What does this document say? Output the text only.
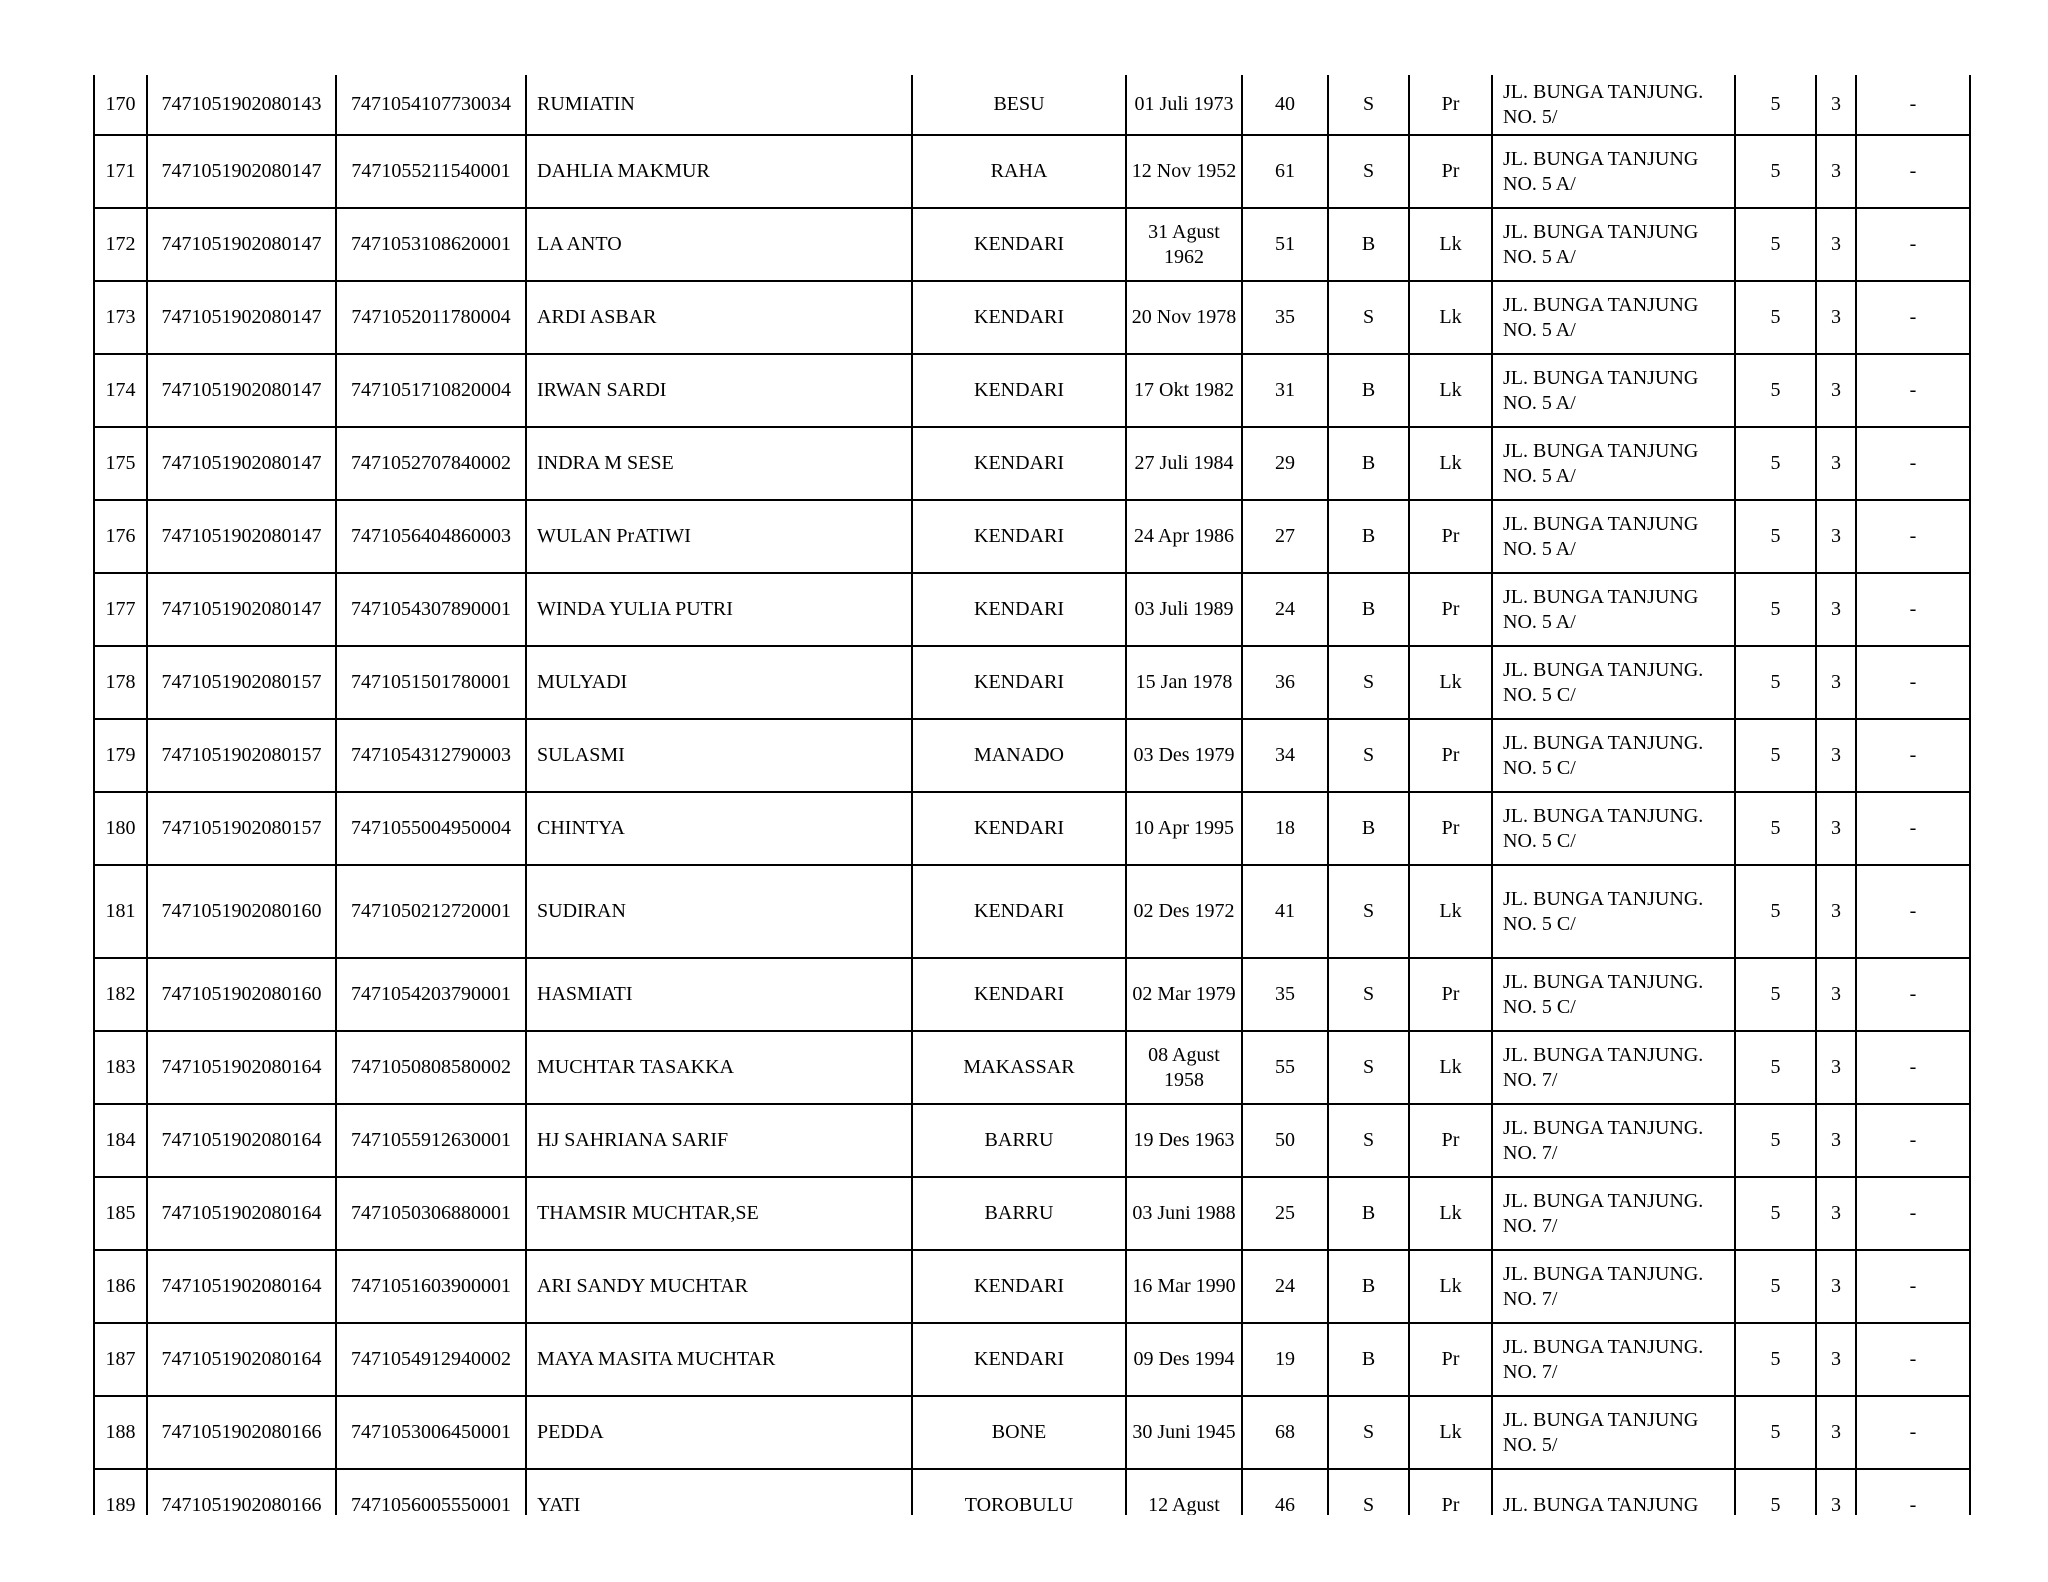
170	7471051902080143	7471054107730034	RUMIATIN	BESU	01 Juli 1973	40	S	Pr	JL. BUNGA TANJUNG. NO. 5/	5	3	-
171	7471051902080147	7471055211540001	DAHLIA MAKMUR	RAHA	12 Nov 1952	61	S	Pr	JL. BUNGA TANJUNG NO. 5 A/	5	3	-
172	7471051902080147	7471053108620001	LA ANTO	KENDARI	31 Agust 1962	51	B	Lk	JL. BUNGA TANJUNG NO. 5 A/	5	3	-
173	7471051902080147	7471052011780004	ARDI ASBAR	KENDARI	20 Nov 1978	35	S	Lk	JL. BUNGA TANJUNG NO. 5 A/	5	3	-
174	7471051902080147	7471051710820004	IRWAN SARDI	KENDARI	17 Okt 1982	31	B	Lk	JL. BUNGA TANJUNG NO. 5 A/	5	3	-
175	7471051902080147	7471052707840002	INDRA M SESE	KENDARI	27 Juli 1984	29	B	Lk	JL. BUNGA TANJUNG NO. 5 A/	5	3	-
176	7471051902080147	7471056404860003	WULAN PrATIWI	KENDARI	24 Apr 1986	27	B	Pr	JL. BUNGA TANJUNG NO. 5 A/	5	3	-
177	7471051902080147	7471054307890001	WINDA YULIA PUTRI	KENDARI	03 Juli 1989	24	B	Pr	JL. BUNGA TANJUNG NO. 5 A/	5	3	-
178	7471051902080157	7471051501780001	MULYADI	KENDARI	15 Jan 1978	36	S	Lk	JL. BUNGA TANJUNG. NO. 5 C/	5	3	-
179	7471051902080157	7471054312790003	SULASMI	MANADO	03 Des 1979	34	S	Pr	JL. BUNGA TANJUNG. NO. 5 C/	5	3	-
180	7471051902080157	7471055004950004	CHINTYA	KENDARI	10 Apr 1995	18	B	Pr	JL. BUNGA TANJUNG. NO. 5 C/	5	3	-
181	7471051902080160	7471050212720001	SUDIRAN	KENDARI	02 Des 1972	41	S	Lk	JL. BUNGA TANJUNG. NO. 5 C/	5	3	-
182	7471051902080160	7471054203790001	HASMIATI	KENDARI	02 Mar 1979	35	S	Pr	JL. BUNGA TANJUNG. NO. 5 C/	5	3	-
183	7471051902080164	7471050808580002	MUCHTAR TASAKKA	MAKASSAR	08 Agust 1958	55	S	Lk	JL. BUNGA TANJUNG. NO. 7/	5	3	-
184	7471051902080164	7471055912630001	HJ SAHRIANA SARIF	BARRU	19 Des 1963	50	S	Pr	JL. BUNGA TANJUNG. NO. 7/	5	3	-
185	7471051902080164	7471050306880001	THAMSIR MUCHTAR,SE	BARRU	03 Juni 1988	25	B	Lk	JL. BUNGA TANJUNG. NO. 7/	5	3	-
186	7471051902080164	7471051603900001	ARI SANDY MUCHTAR	KENDARI	16 Mar 1990	24	B	Lk	JL. BUNGA TANJUNG. NO. 7/	5	3	-
187	7471051902080164	7471054912940002	MAYA MASITA MUCHTAR	KENDARI	09 Des 1994	19	B	Pr	JL. BUNGA TANJUNG. NO. 7/	5	3	-
188	7471051902080166	7471053006450001	PEDDA	BONE	30 Juni 1945	68	S	Lk	JL. BUNGA TANJUNG NO. 5/	5	3	-
189	7471051902080166	7471056005550001	YATI	TOROBULU	12 Agust	46	S	Pr	JL. BUNGA TANJUNG	5	3	-
